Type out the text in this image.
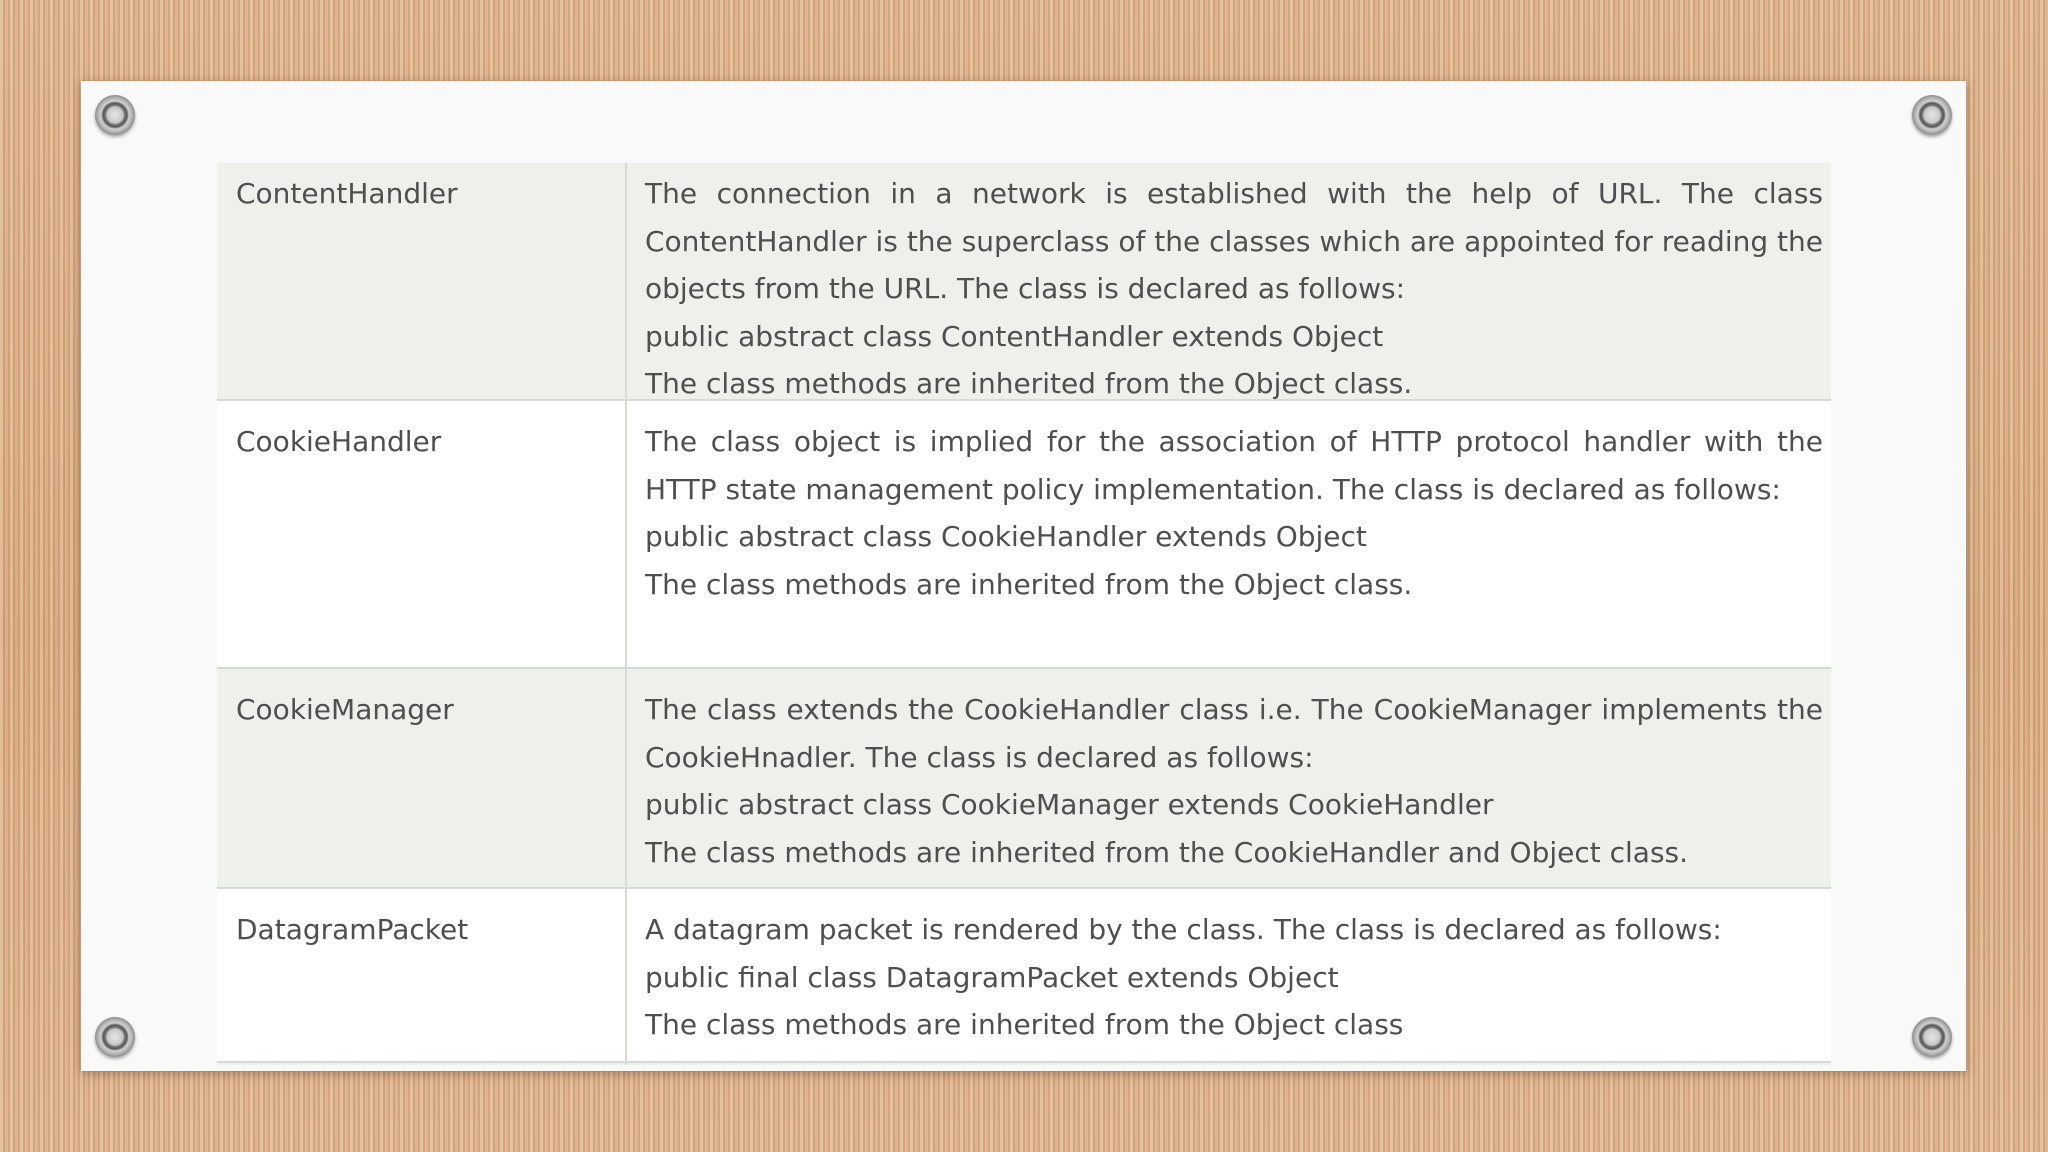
ContentHandler	The connection in a network is established with the help of URL. The class ContentHandler is the superclass of the classes which are appointed for reading the objects from the URL. The class is declared as follows:

public abstract class ContentHandler extends Object

The class methods are inherited from the Object class.

CookieHandler	The class object is implied for the association of HTTP protocol handler with the HTTP state management policy implementation. The class is declared as follows:

public abstract class CookieHandler extends Object

The class methods are inherited from the Object class.

CookieManager	The class extends the CookieHandler class i.e. The CookieManager implements the CookieHnadler. The class is declared as follows:

public abstract class CookieManager extends CookieHandler

The class methods are inherited from the CookieHandler and Object class.

DatagramPacket	A datagram packet is rendered by the class. The class is declared as follows:

public final class DatagramPacket extends Object

The class methods are inherited from the Object class
